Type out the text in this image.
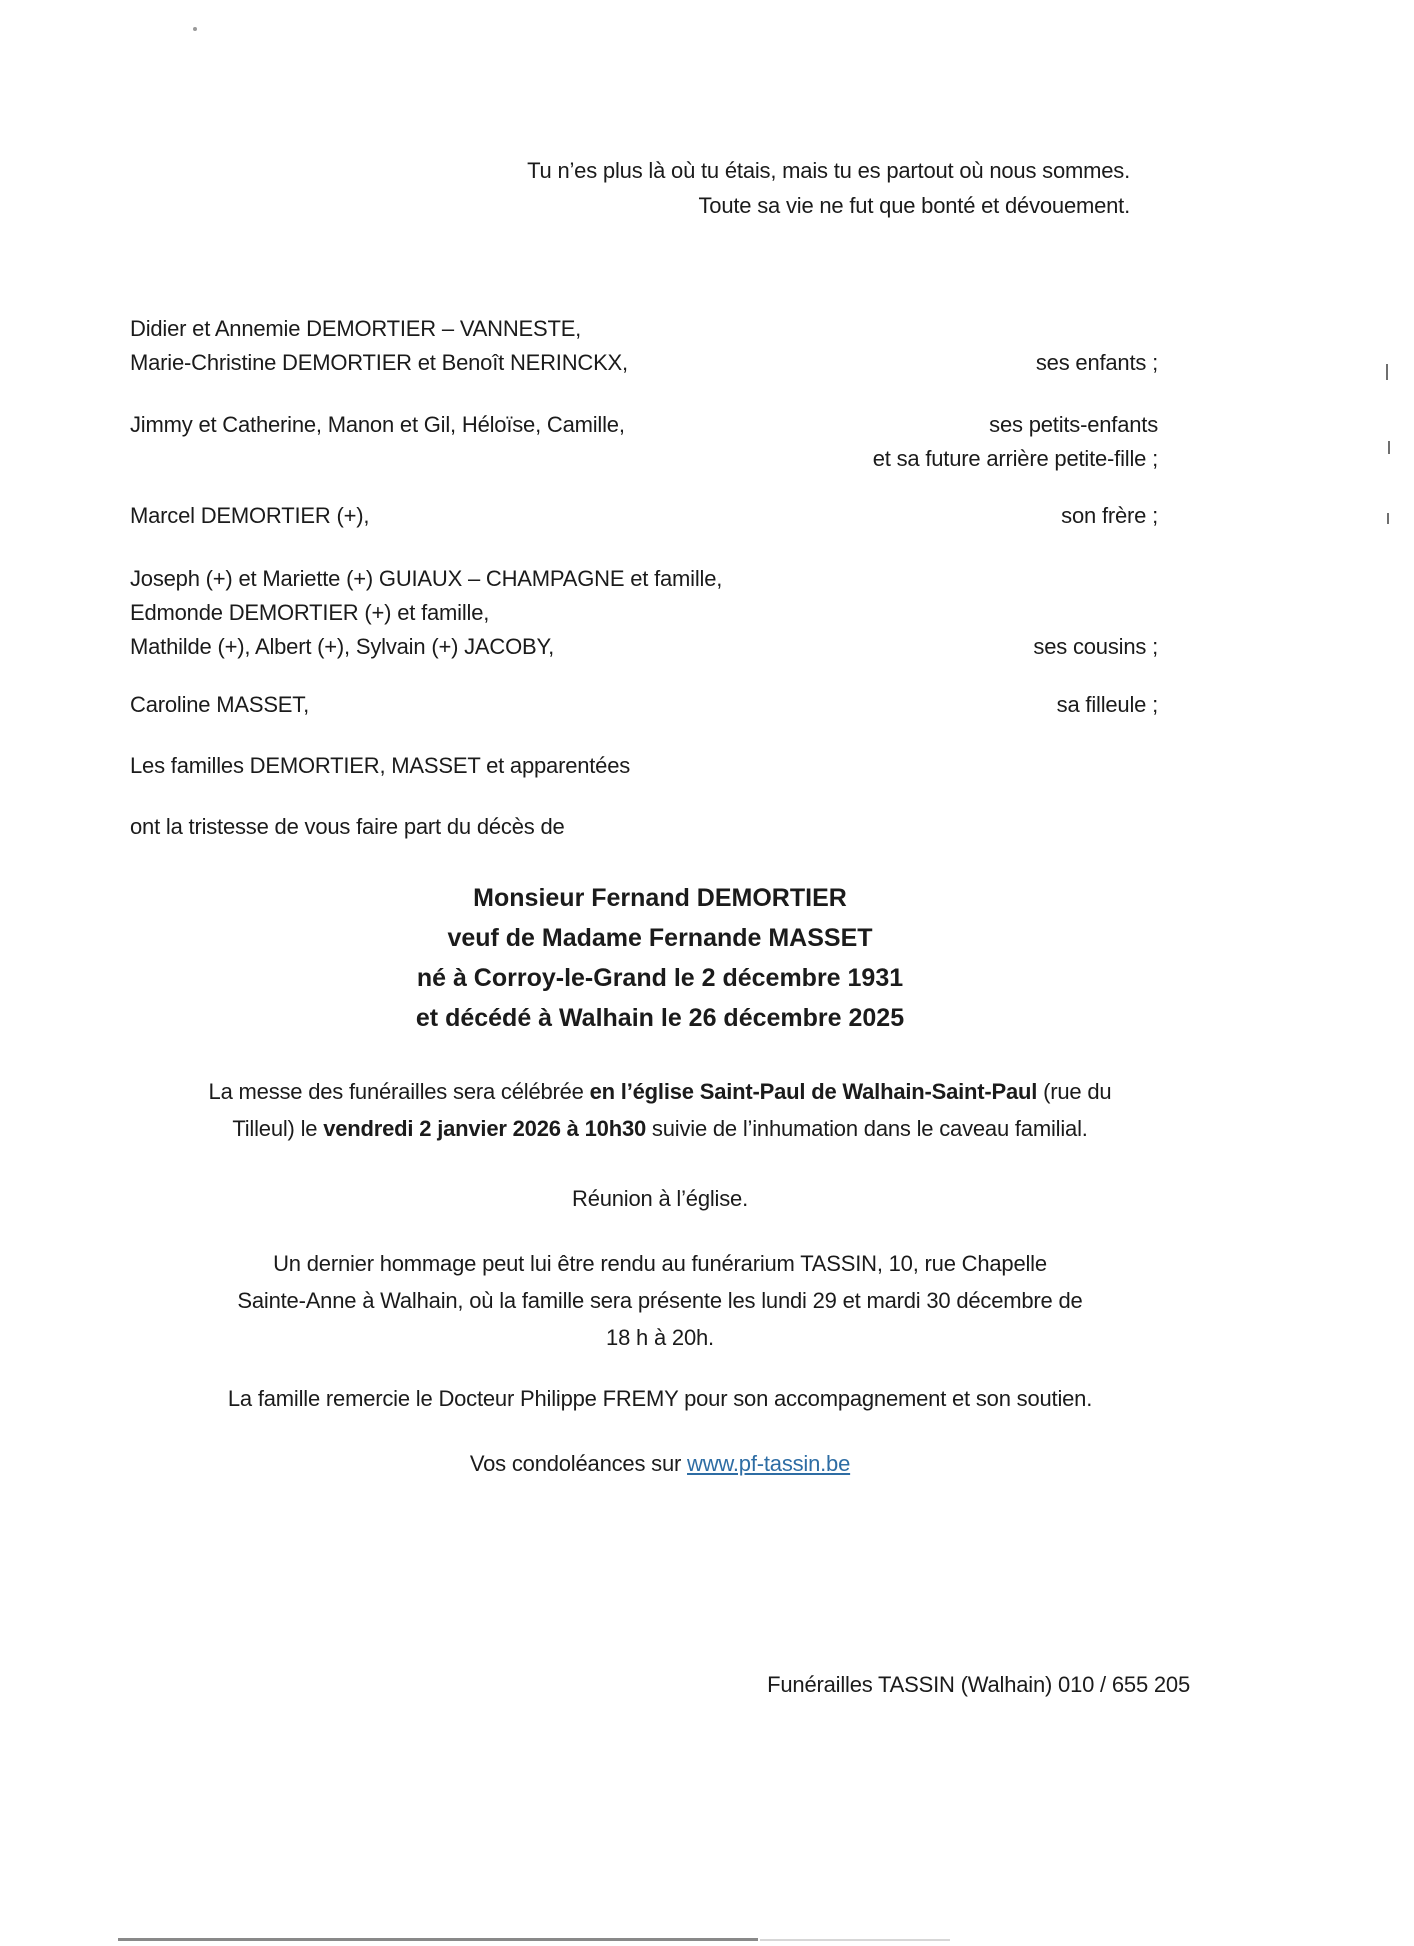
Tu n’es plus là où tu étais, mais tu es partout où nous sommes.
Toute sa vie ne fut que bonté et dévouement.
Didier et Annemie DEMORTIER – VANNESTE,
Marie-Christine DEMORTIER et Benoît NERINCKX,	ses enfants ;
Jimmy et Catherine, Manon et Gil, Héloïse, Camille,	ses petits-enfants
et sa future arrière petite-fille ;
Marcel DEMORTIER (+),	son frère ;
Joseph (+) et Mariette (+) GUIAUX – CHAMPAGNE et famille,
Edmonde DEMORTIER (+) et famille,
Mathilde (+), Albert (+), Sylvain (+) JACOBY,	ses cousins ;
Caroline MASSET,	sa filleule ;
Les familles DEMORTIER, MASSET et apparentées
ont la tristesse de vous faire part du décès de
Monsieur Fernand DEMORTIER
veuf de Madame Fernande MASSET
né à Corroy-le-Grand le 2 décembre 1931
et décédé à Walhain le 26 décembre 2025
La messe des funérailles sera célébrée en l’église Saint-Paul de Walhain-Saint-Paul (rue du
Tilleul) le vendredi 2 janvier 2026 à 10h30 suivie de l’inhumation dans le caveau familial.
Réunion à l’église.
Un dernier hommage peut lui être rendu au funérarium TASSIN, 10, rue Chapelle
Sainte-Anne à Walhain, où la famille sera présente les lundi 29 et mardi 30 décembre de
18 h à 20h.
La famille remercie le Docteur Philippe FREMY pour son accompagnement et son soutien.
Vos condoléances sur www.pf-tassin.be
Funérailles TASSIN (Walhain) 010 / 655 205
